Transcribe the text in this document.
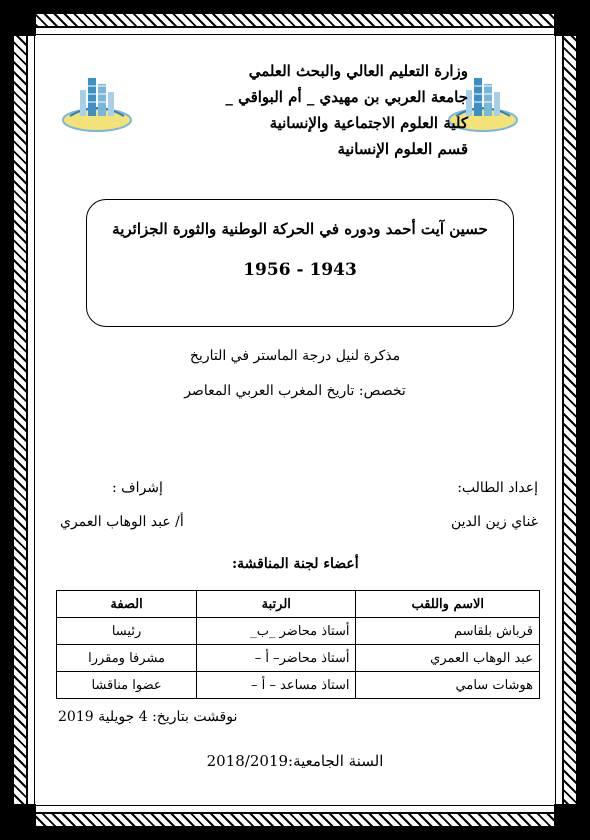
وزارة التعليم العالي والبحث العلمي
جامعة العربي بن مهيدي _ أم البواقي _
كلية العلوم الاجتماعية والإنسانية
قسم العلوم الإنسانية
حسين آيت أحمد ودوره في الحركة الوطنية والثورة الجزائرية
1943 - 1956
مذكرة لنيل درجة الماستر في التاريخ
تخصص: تاريخ المغرب العربي المعاصر
إعداد الطالب:
غناي زين الدين
إشراف :
أ/ عبد الوهاب العمري
أعضاء لجنة المناقشة:
الاسم واللقب	الرتبة	الصفة
قرباش بلقاسم	أستاذ محاضر _ب_	رئيسا
عبد الوهاب العمري	أستاذ محاضر– أ –	مشرفا ومقررا
هوشات سامي	استاذ مساعد – أ –	عضوا مناقشا
نوقشت بتاريخ: 4 جويلية 2019
السنة الجامعية:2018/2019
